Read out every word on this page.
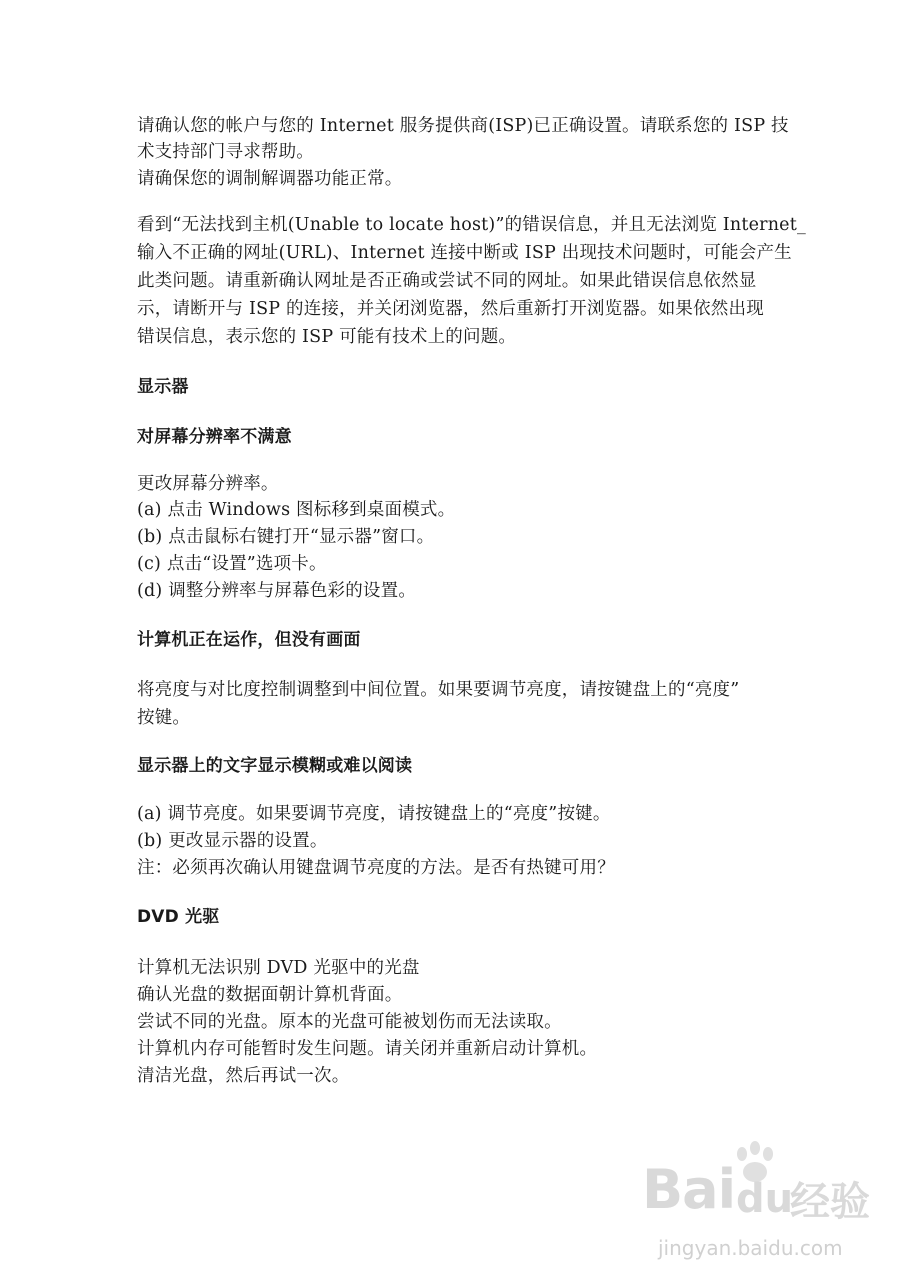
请确认您的帐户与您的 Internet 服务提供商(ISP)已正确设置。请联系您的 ISP 技
术支持部门寻求帮助。
请确保您的调制解调器功能正常。
看到“无法找到主机(Unable to locate host)”的错误信息，并且无法浏览 Internet_
输入不正确的网址(URL)、Internet 连接中断或 ISP 出现技术问题时，可能会产生
此类问题。请重新确认网址是否正确或尝试不同的网址。如果此错误信息依然显
示，请断开与 ISP 的连接，并关闭浏览器，然后重新打开浏览器。如果依然出现
错误信息，表示您的 ISP 可能有技术上的问题。
显示器
对屏幕分辨率不满意
更改屏幕分辨率。
(a) 点击 Windows 图标移到桌面模式。
(b) 点击鼠标右键打开“显示器”窗口。
(c) 点击“设置”选项卡。
(d) 调整分辨率与屏幕色彩的设置。
计算机正在运作，但没有画面
将亮度与对比度控制调整到中间位置。如果要调节亮度，请按键盘上的“亮度”
按键。
显示器上的文字显示模糊或难以阅读
(a) 调节亮度。如果要调节亮度，请按键盘上的“亮度”按键。
(b) 更改显示器的设置。
注：必须再次确认用键盘调节亮度的方法。是否有热键可用？
DVD 光驱
计算机无法识别 DVD 光驱中的光盘
确认光盘的数据面朝计算机背面。
尝试不同的光盘。原本的光盘可能被划伤而无法读取。
计算机内存可能暂时发生问题。请关闭并重新启动计算机。
清洁光盘，然后再试一次。
Bai du
经验
jingyan.baidu.com
